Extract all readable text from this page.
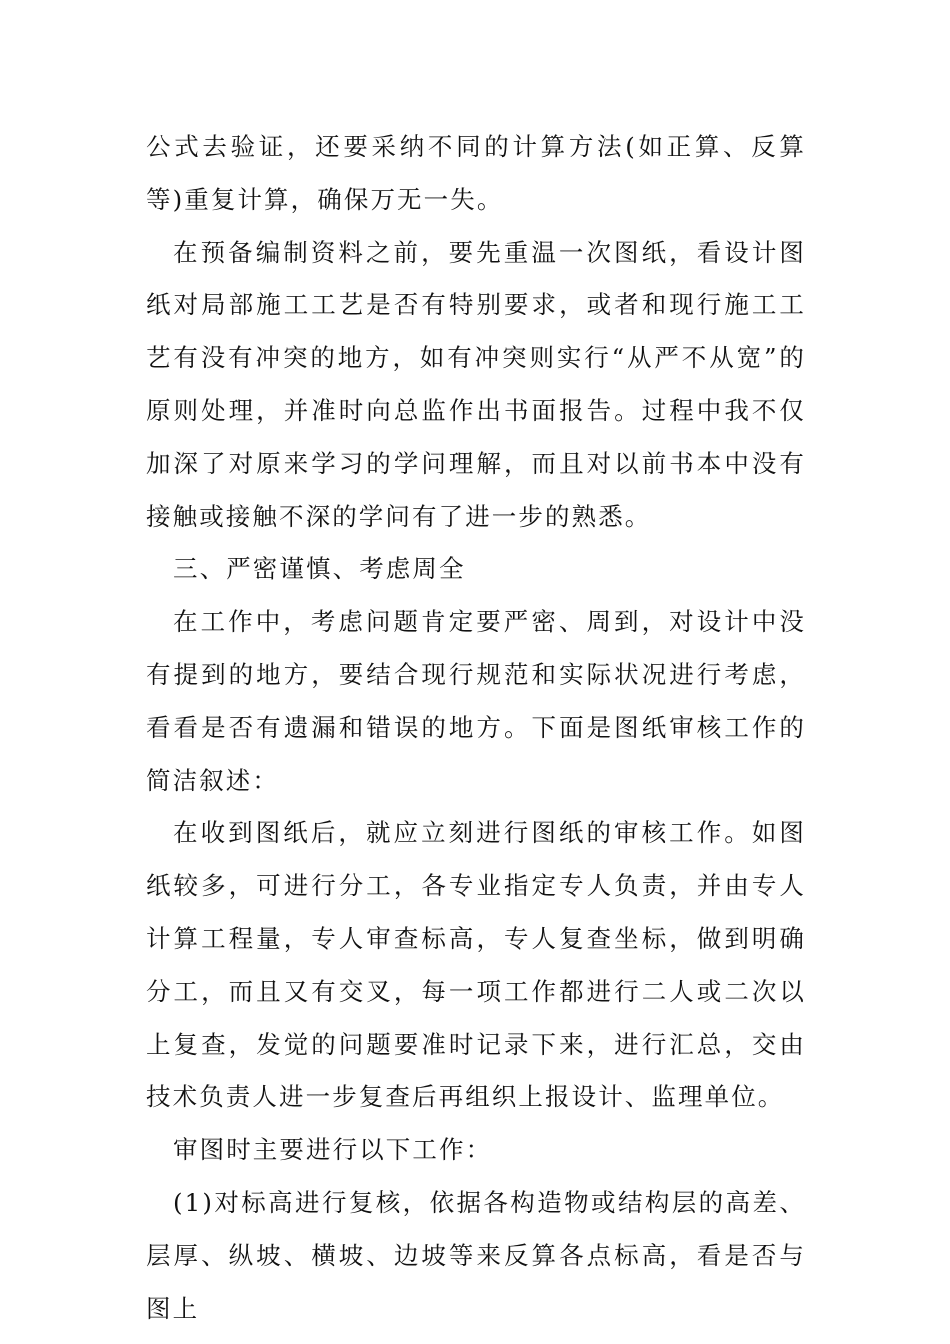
公式去验证，还要采纳不同的计算方法(如正算、反算等)重复计算，确保万无一失。

在预备编制资料之前，要先重温一次图纸，看设计图纸对局部施工工艺是否有特别要求，或者和现行施工工艺有没有冲突的地方，如有冲突则实行“从严不从宽”的原则处理，并准时向总监作出书面报告。过程中我不仅加深了对原来学习的学问理解，而且对以前书本中没有接触或接触不深的学问有了进一步的熟悉。

三、严密谨慎、考虑周全

在工作中，考虑问题肯定要严密、周到，对设计中没有提到的地方，要结合现行规范和实际状况进行考虑，看看是否有遗漏和错误的地方。下面是图纸审核工作的简洁叙述：

在收到图纸后，就应立刻进行图纸的审核工作。如图纸较多，可进行分工，各专业指定专人负责，并由专人计算工程量，专人审查标高，专人复查坐标，做到明确分工，而且又有交叉，每一项工作都进行二人或二次以上复查，发觉的问题要准时记录下来，进行汇总，交由技术负责人进一步复查后再组织上报设计、监理单位。

审图时主要进行以下工作：

(1)对标高进行复核，依据各构造物或结构层的高差、层厚、纵坡、横坡、边坡等来反算各点标高，看是否与图上
